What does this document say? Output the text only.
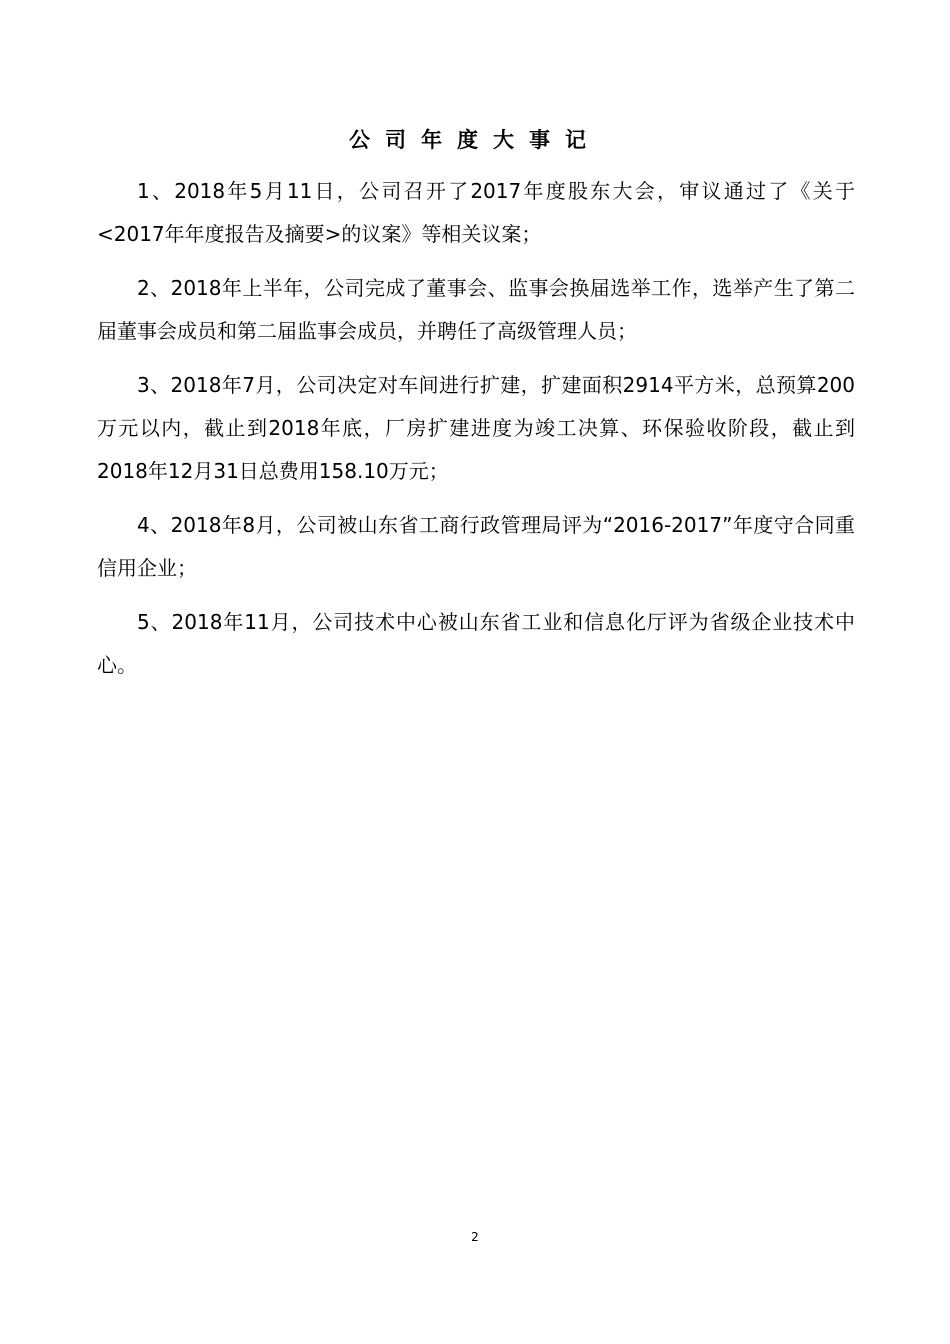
公司年度大事记

1、2018年5月11日，公司召开了2017年度股东大会，审议通过了《关于<2017年年度报告及摘要>的议案》等相关议案；

2、2018年上半年，公司完成了董事会、监事会换届选举工作，选举产生了第二届董事会成员和第二届监事会成员，并聘任了高级管理人员；

3、2018年7月，公司决定对车间进行扩建，扩建面积2914平方米，总预算200万元以内，截止到2018年底，厂房扩建进度为竣工决算、环保验收阶段，截止到2018年12月31日总费用158.10万元；

4、2018年8月，公司被山东省工商行政管理局评为“2016-2017”年度守合同重信用企业；

5、2018年11月，公司技术中心被山东省工业和信息化厅评为省级企业技术中心。

2
